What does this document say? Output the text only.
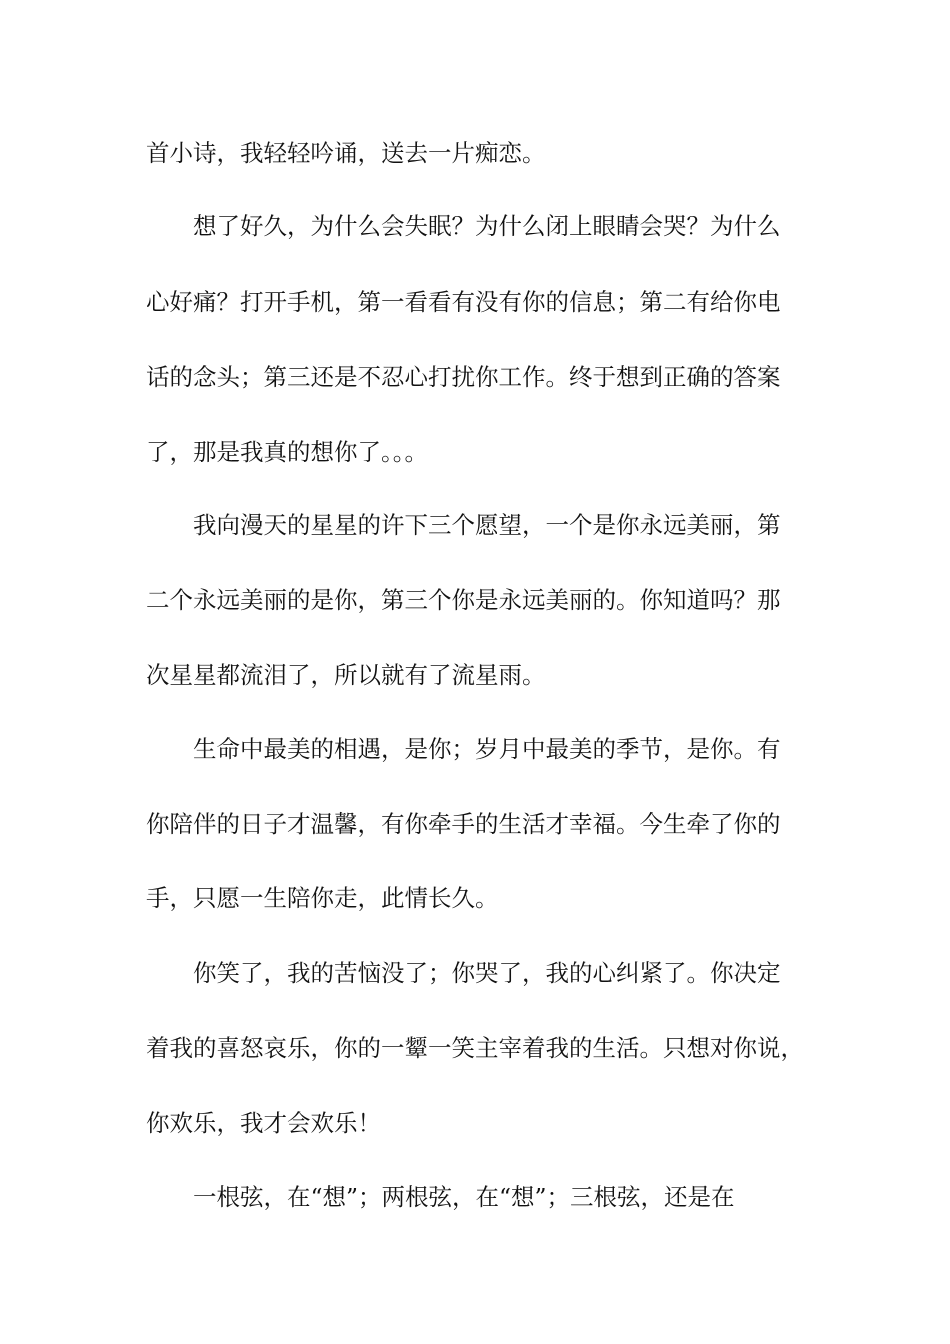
首小诗，我轻轻吟诵，送去一片痴恋。
想了好久，为什么会失眠？为什么闭上眼睛会哭？为什么
心好痛？打开手机，第一看看有没有你的信息；第二有给你电
话的念头；第三还是不忍心打扰你工作。终于想到正确的答案
了，那是我真的想你了。。。
我向漫天的星星的许下三个愿望，一个是你永远美丽，第
二个永远美丽的是你，第三个你是永远美丽的。你知道吗？那
次星星都流泪了，所以就有了流星雨。
生命中最美的相遇，是你；岁月中最美的季节，是你。有
你陪伴的日子才温馨，有你牵手的生活才幸福。今生牵了你的
手，只愿一生陪你走，此情长久。
你笑了，我的苦恼没了；你哭了，我的心纠紧了。你决定
着我的喜怒哀乐，你的一颦一笑主宰着我的生活。只想对你说，
你欢乐，我才会欢乐！
一根弦，在“想”；两根弦，在“想”；三根弦，还是在
